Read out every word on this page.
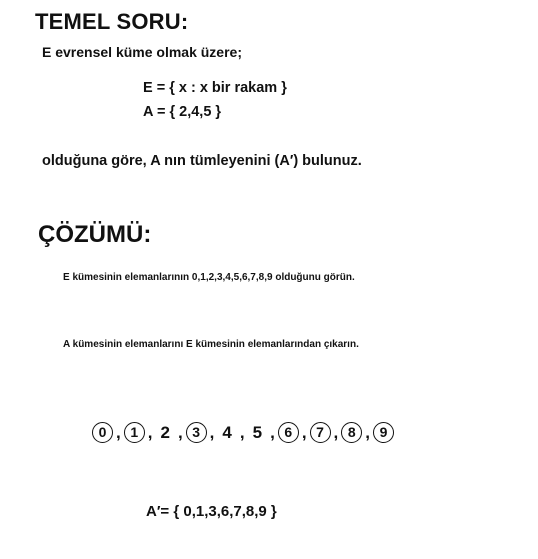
TEMEL SORU:
E evrensel küme olmak üzere;
E = { x : x bir rakam }
A = { 2,4,5 }
olduğuna göre, A nın tümleyenini (A′) bulunuz.
ÇÖZÜMÜ:
E kümesinin elemanlarının 0,1,2,3,4,5,6,7,8,9 olduğunu görün.
A kümesinin elemanlarını E kümesinin elemanlarından çıkarın.
0 , 1 , 2 , 3 , 4 , 5 , 6 , 7 , 8 , 9
A′= { 0,1,3,6,7,8,9 }
